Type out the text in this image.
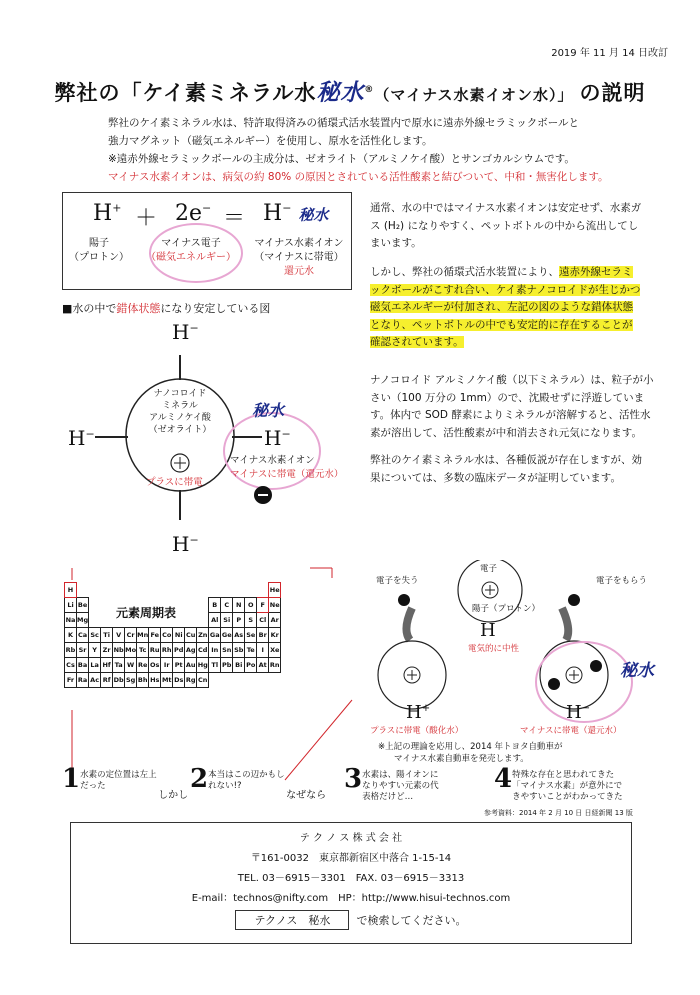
2019 年 11 月 14 日改訂
弊社の「ケイ素ミネラル水秘水®（マイナス水素イオン水）」 の説明
弊社のケイ素ミネラル水は、特許取得済みの循環式活水装置内で原水に遠赤外線セラミックボールと
強力マグネット（磁気エネルギー）を使用し、原水を活性化します。
※遠赤外線セラミックボールの主成分は、ゼオライト（アルミノケイ酸）とサンゴカルシウムです。
マイナス水素イオンは、病気の約 80% の原因とされている活性酸素と結びついて、中和・無害化します。
H+ ＋ 2e− ＝ H− 秘水
陽子
（プロトン）
マイナス電子
（磁気エネルギー）
マイナス水素イオン
（マイナスに帯電）
還元水
通常、水の中ではマイナス水素イオンは安定せず、水素ガス (H₂) になりやすく、ペットボトルの中から流出してしまいます。
しかし、弊社の循環式活水装置により、遠赤外線セラミックボールがこすれ合い、ケイ素ナノコロイドが生じかつ磁気エネルギーが付加され、左記の図のような錯体状態となり、ペットボトルの中でも安定的に存在することが確認されています。
ナノコロイド アルミノケイ酸（以下ミネラル）は、粒子が小さい（100 万分の 1mm）ので、沈殿せずに浮遊しています。体内で SOD 酵素によりミネラルが溶解すると、活性水素が溶出して、活性酸素が中和消去され元気になります。
弊社のケイ素ミネラル水は、各種仮説が存在しますが、効果については、多数の臨床データが証明しています。
■水の中で錯体状態になり安定している図
H−
H−	H−
H−
秘水
ナノコロイド
ミネラル
アルミノケイ酸
（ゼオライト）
プラスに帯電
マイナス水素イオン
マイナスに帯電（還元水）
元素周期表
H																	He
Li	Be											B	C	N	O	F	Ne
Na	Mg											Al	Si	P	S	Cl	Ar
K	Ca	Sc	Ti	V	Cr	Mn	Fe	Co	Ni	Cu	Zn	Ga	Ge	As	Se	Br	Kr
Rb	Sr	Y	Zr	Nb	Mo	Tc	Ru	Rh	Pd	Ag	Cd	In	Sn	Sb	Te	I	Xe
Cs	Ba	La	Hf	Ta	W	Re	Os	Ir	Pt	Au	Hg	Tl	Pb	Bi	Po	At	Rn
Fr	Ra	Ac	Rf	Db	Sg	Bh	Hs	Mt	Ds	Rg	Cn						
電子を失う	電子をもらう
電子
陽子（プロトン）
H
電気的に中性
秘水
H+	H−
プラスに帯電（酸化水）	マイナスに帯電（還元水）
※上記の理論を応用し、2014 年トヨタ自動車が
マイナス水素自動車を発売します。
1水素の定位置は左上だったしかし
2本当はこの辺かもしれない!?なぜなら
3水素は、陽イオンになりやすい元素の代表格だけど…
4特殊な存在と思われてきた「マイナス水素」が意外にできやすいことがわかってきた
参考資料：2014 年 2 月 10 日 日経新聞 13 版
テ ク ノ ス 株 式 会 社
〒161-0032　東京都新宿区中落合 1-15-14
TEL. 03－6915－3301　FAX. 03－6915－3313
E-mail：technos@nifty.com　HP：http://www.hisui-technos.com
テクノス　秘水 で検索してください。
